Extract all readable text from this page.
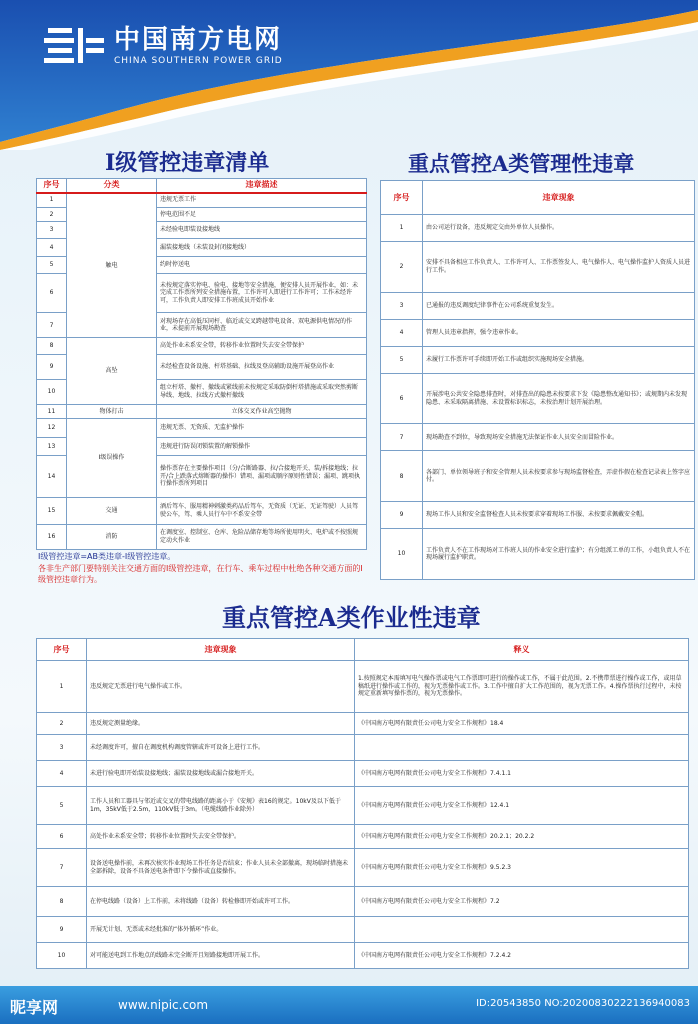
中国南方电网
CHINA SOUTHERN POWER GRID
Ⅰ级管控违章清单	重点管控A类管理性违章
序号	分类	违章描述
1	触电	违规无票工作
2		停电范围不足
3		未经验电即装设接地线
4		漏装接地线（未装设封闭接地线）
5		约时停送电
6		未按规定落实停电、验电、接地等安全措施，便安排人员开展作业，如：未完成工作票所列安全措施布置，工作许可人即进行工作许可；工作未经许可，工作负责人即安排工作班成员开始作业
7		对现场存在高低压同杆、临近或交叉跨越带电设备、双电源供电情况的作业，未提前开展现场勘查
8	高坠	高处作业未系安全带，转移作业位置时失去安全带保护
9		未经检查设备设施、杆塔基础、拉线及登高辅助设施开展登高作业
10		组立杆塔、撤杆、撤线或紧线前未按规定采取防倒杆塔措施或采取突然剪断导线、地线、拉线方式撤杆撤线
11	物体打击	立体交叉作业高空抛物
12	Ⅰ级误操作	违规无票、无资质、无监护操作
13		违规进行防误闭锁装置的解锁操作
14		操作票存在主要操作项目（分/合断路器、拉/合接地开关、装/拆接地线；拉开/合上跌落式熔断器的操作）错项、漏项或顺序原则性错误；漏项、跳项执行操作票所列项目
15	交通	酒后驾车、服用精神刺激类药品后驾车，无资质（无证、无证驾驶）人员驾驶公车，驾、乘人员行车中不系安全带
16	消防	在调度室、控制室、仓库、危险品储存地等场所使用明火、电炉或不按照规定动火作业
Ⅰ级管控违章=AB类违章-Ⅰ级管控违章。
各非生产部门要特别关注交通方面的Ⅰ级管控违章，在行车、乘车过程中杜绝各种交通方面的Ⅰ级管控违章行为。
序号	违章现象
1	由公司运行设备，违反规定交由外单位人员操作。
2	安排不具备相应工作负责人、工作许可人、工作票签发人、电气操作人、电气操作监护人资质人员进行工作。
3	已通报的违反调度纪律事件在公司系统重复发生。
4	管理人员违章指挥，强令违章作业。
5	未履行工作票许可手续即开始工作或组织实施现场安全措施。
6	开展涉电公共安全隐患排查时，对排查出的隐患未按要求下发《隐患整改通知书》；或规期内未发现隐患、未采取隔离措施、未设置标识标志，未按治理计划开展治理。
7	现场勘查不到位，导致现场安全措施无法保证作业人员安全而冒险作业。
8	各部门、单位领导班子和安全管理人员未按要求参与现场监督检查，弄虚作假在检查记录表上签字应付。
9	现场工作人员和安全监督检查人员未按要求穿着现场工作服、未按要求佩戴安全帽。
10	工作负责人不在工作现场对工作班人员的作业安全进行监护；有分组派工单的工作，小组负责人不在现场履行监护职责。
重点管控A类作业性违章
序号	违章现象	释义
1	违反规定无票进行电气操作或工作。	1.按照规定本需填写电气操作票或电气工作票即可进行的操作或工作，不属于此范围。2.不携带票进行操作或工作，或用草稿纸进行操作或工作的，视为无票操作或工作。3.工作中擅自扩大工作范围的，视为无票工作。4.操作票执行过程中，未按规定重新填写操作票的，视为无票操作。
2	违反规定测量绝缘。	《中国南方电网有限责任公司电力安全工作规程》18.4
3	未经调度许可，擅自在调度机构调度管辖或许可设备上进行工作。	
4	未进行验电即开始装设接地线；漏装设接地线或漏合接地开关。	《中国南方电网有限责任公司电力安全工作规程》7.4.1.1
5	工作人员和工器具与邻近或交叉的带电线路的距离小于《安规》表16的规定。10kV及以下低于1m，35kV低于2.5m，110kV低于3m。（电缆线路作业除外）	《中国南方电网有限责任公司电力安全工作规程》12.4.1
6	高处作业未系安全带；转移作业位置时失去安全带保护。	《中国南方电网有限责任公司电力安全工作规程》20.2.1；20.2.2
7	设备送电操作前，未再次核实作业现场工作任务是否结束；作业人员未全部撤离，现场临时措施未全部拆除，设备不具备送电条件即下令操作或直接操作。	《中国南方电网有限责任公司电力安全工作规程》9.5.2.3
8	在停电线路（设备）上工作前，未将线路（设备）转检修即开始或许可工作。	《中国南方电网有限责任公司电力安全工作规程》7.2
9	开展无计划、无票或未经批准的“体外循环”作业。	
10	对可能送电到工作地点的线路未完全断开且短路接地即开展工作。	《中国南方电网有限责任公司电力安全工作规程》7.2.4.2
昵享网	www.nipic.com	ID:20543850 NO:20200830222136940083
